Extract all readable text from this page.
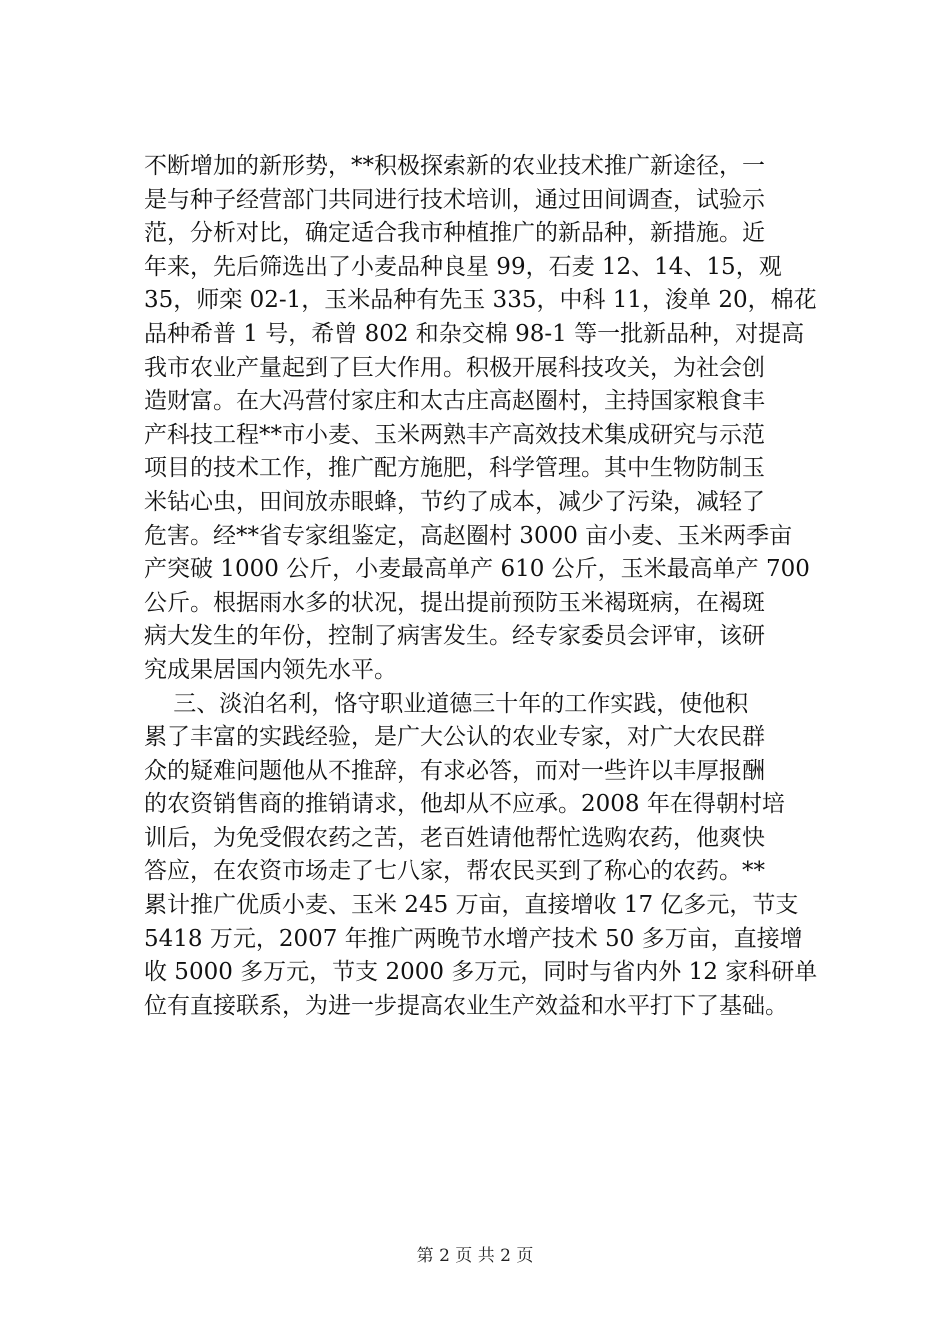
不断增加的新形势，**积极探索新的农业技术推广新途径，一
是与种子经营部门共同进行技术培训，通过田间调查，试验示
范，分析对比，确定适合我市种植推广的新品种，新措施。近
年来，先后筛选出了小麦品种良星 99，石麦 12、14、15，观
35，师栾 02-1，玉米品种有先玉 335，中科 11，浚单 20，棉花
品种希普 1 号，希曾 802 和杂交棉 98-1 等一批新品种，对提高
我市农业产量起到了巨大作用。积极开展科技攻关，为社会创
造财富。在大冯营付家庄和太古庄高赵圈村，主持国家粮食丰
产科技工程**市小麦、玉米两熟丰产高效技术集成研究与示范
项目的技术工作，推广配方施肥，科学管理。其中生物防制玉
米钻心虫，田间放赤眼蜂，节约了成本，减少了污染，减轻了
危害。经**省专家组鉴定，高赵圈村 3000 亩小麦、玉米两季亩
产突破 1000 公斤，小麦最高单产 610 公斤，玉米最高单产 700
公斤。根据雨水多的状况，提出提前预防玉米褐斑病，在褐斑
病大发生的年份，控制了病害发生。经专家委员会评审，该研
究成果居国内领先水平。
三、淡泊名利，恪守职业道德三十年的工作实践，使他积
累了丰富的实践经验，是广大公认的农业专家，对广大农民群
众的疑难问题他从不推辞，有求必答，而对一些许以丰厚报酬
的农资销售商的推销请求，他却从不应承。2008 年在得朝村培
训后，为免受假农药之苦，老百姓请他帮忙选购农药，他爽快
答应，在农资市场走了七八家，帮农民买到了称心的农药。**
累计推广优质小麦、玉米 245 万亩，直接增收 17 亿多元，节支
5418 万元，2007 年推广两晚节水增产技术 50 多万亩，直接增
收 5000 多万元，节支 2000 多万元，同时与省内外 12 家科研单
位有直接联系，为进一步提高农业生产效益和水平打下了基础。
第 2 页 共 2 页
